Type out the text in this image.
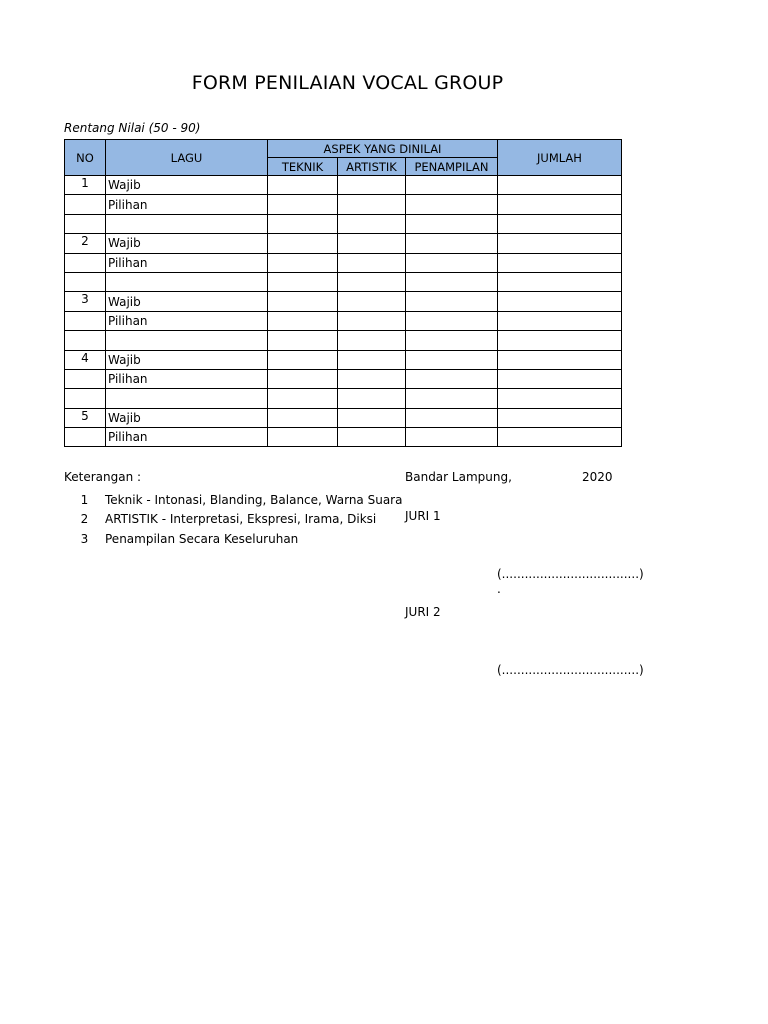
FORM PENILAIAN VOCAL GROUP
Rentang Nilai (50 - 90)
NO	LAGU	ASPEK YANG DINILAI			JUMLAH
		TEKNIK	ARTISTIK	PENAMPILAN	
1	Wajib				
	Pilihan				

2	Wajib				
	Pilihan				

3	Wajib				
	Pilihan				

4	Wajib				
	Pilihan				

5	Wajib				
	Pilihan				
Keterangan :
1	Teknik - Intonasi, Blanding, Balance, Warna Suara
2	ARTISTIK - Interpretasi, Ekspresi, Irama, Diksi
3	Penampilan Secara Keseluruhan
Bandar Lampung,	2020
JURI 1
(....................................)
.
JURI 2
(....................................)
